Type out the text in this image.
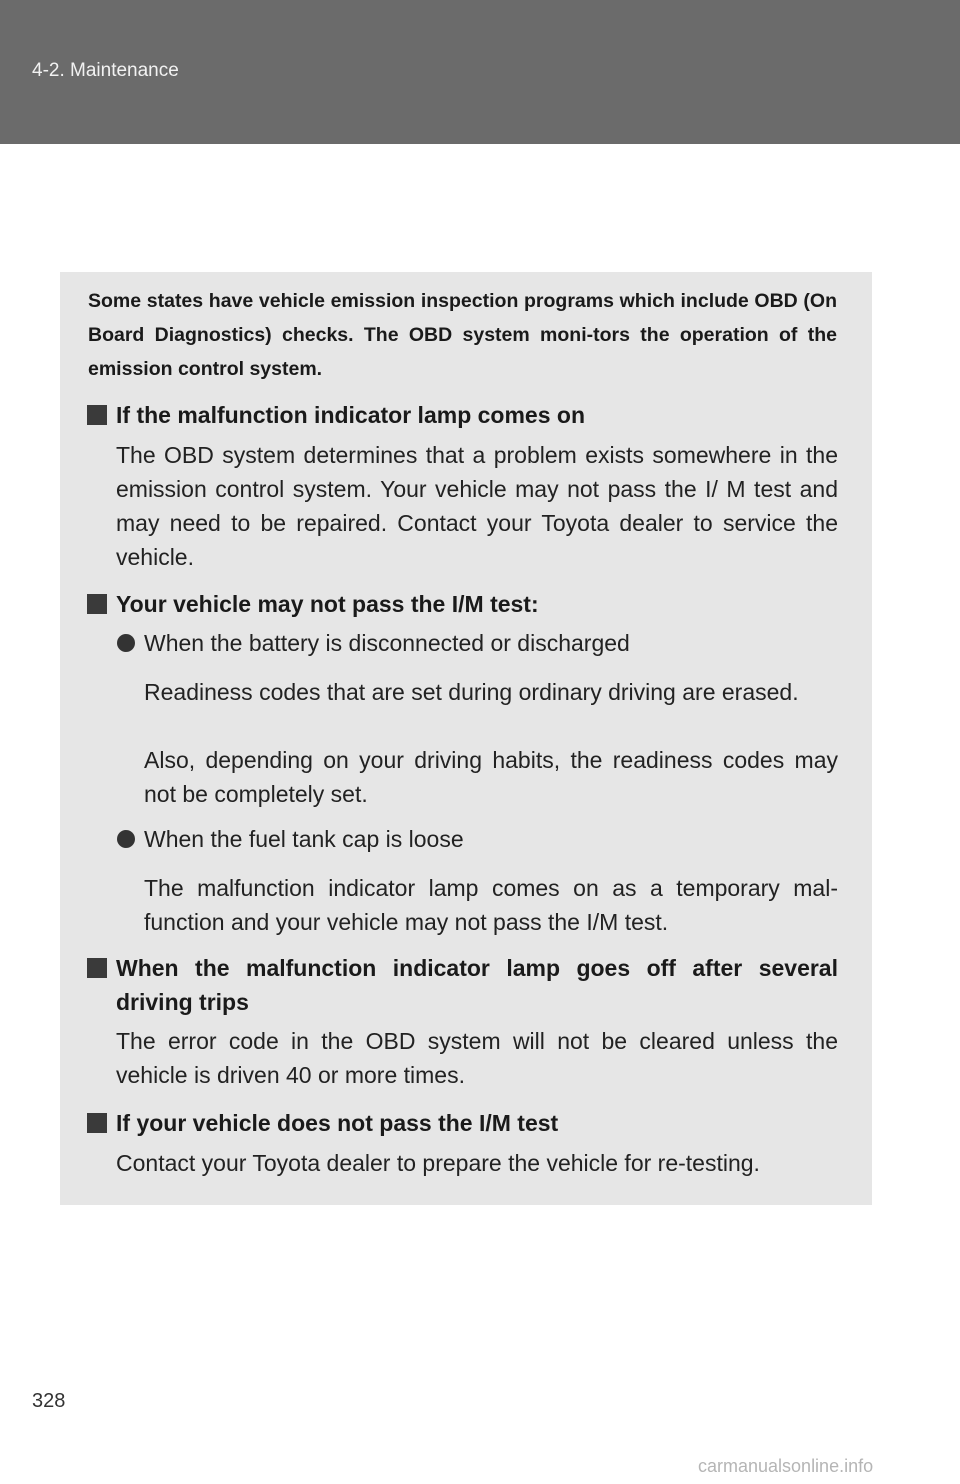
4-2. Maintenance
Some states have vehicle emission inspection programs which include OBD (On Board Diagnostics) checks. The OBD system moni-tors the operation of the emission control system.
If the malfunction indicator lamp comes on
The OBD system determines that a problem exists somewhere in the emission control system. Your vehicle may not pass the I/ M test and may need to be repaired. Contact your Toyota dealer to service the vehicle.
Your vehicle may not pass the I/M test:
When the battery is disconnected or discharged
Readiness codes that are set during ordinary driving are erased.
Also, depending on your driving habits, the readiness codes may not be completely set.
When the fuel tank cap is loose
The malfunction indicator lamp comes on as a temporary mal-function and your vehicle may not pass the I/M test.
When the malfunction indicator lamp goes off after several
driving trips
The error code in the OBD system will not be cleared unless the vehicle is driven 40 or more times.
If your vehicle does not pass the I/M test
Contact your Toyota dealer to prepare the vehicle for re-testing.
328
carmanualsonline.info
